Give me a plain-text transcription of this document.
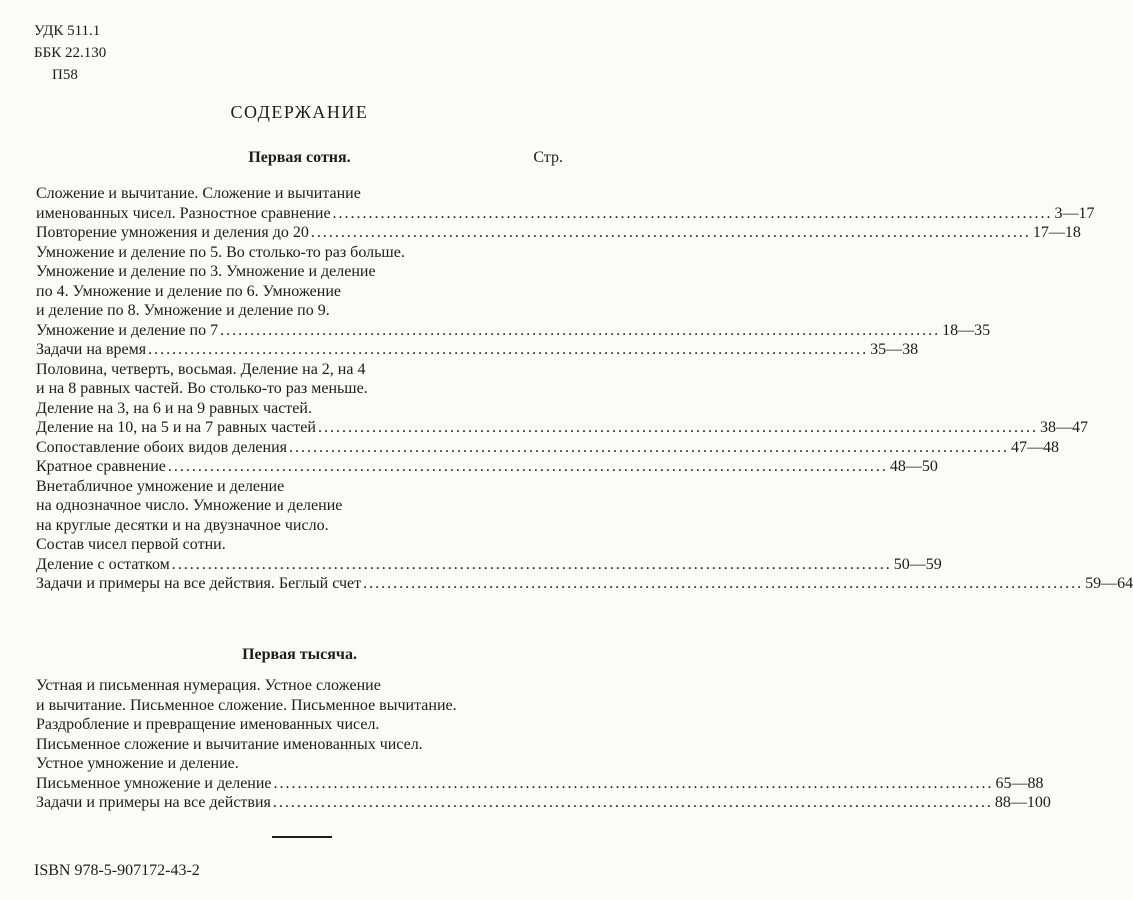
УДК 511.1
ББК 22.130
П58
СОДЕРЖАНИЕ
Первая сотня.	Стр.
Сложение и вычитание. Сложение и вычитание
именованных чисел. Разностное сравнение ........................................................................................................................ 3—17
Повторение умножения и деления до 20 ........................................................................................................................ 17—18
Умножение и деление по 5. Во столько-то раз больше.
Умножение и деление по 3. Умножение и деление
по 4. Умножение и деление по 6. Умножение
и деление по 8. Умножение и деление по 9.
Умножение и деление по 7 ........................................................................................................................ 18—35
Задачи на время ........................................................................................................................ 35—38
Половина, четверть, восьмая. Деление на 2, на 4
и на 8 равных частей. Во столько-то раз меньше.
Деление на 3, на 6 и на 9 равных частей.
Деление на 10, на 5 и на 7 равных частей ........................................................................................................................ 38—47
Сопоставление обоих видов деления ........................................................................................................................ 47—48
Кратное сравнение ........................................................................................................................ 48—50
Внетабличное умножение и деление
на однозначное число. Умножение и деление
на круглые десятки и на двузначное число.
Состав чисел первой сотни.
Деление с остатком ........................................................................................................................ 50—59
Задачи и примеры на все действия. Беглый счет ........................................................................................................................ 59—64
Первая тысяча.
Устная и письменная нумерация. Устное сложение
и вычитание. Письменное сложение. Письменное вычитание.
Раздробление и превращение именованных чисел.
Письменное сложение и вычитание именованных чисел.
Устное умножение и деление.
Письменное умножение и деление ........................................................................................................................ 65—88
Задачи и примеры на все действия ........................................................................................................................ 88—100
ISBN 978-5-907172-43-2
